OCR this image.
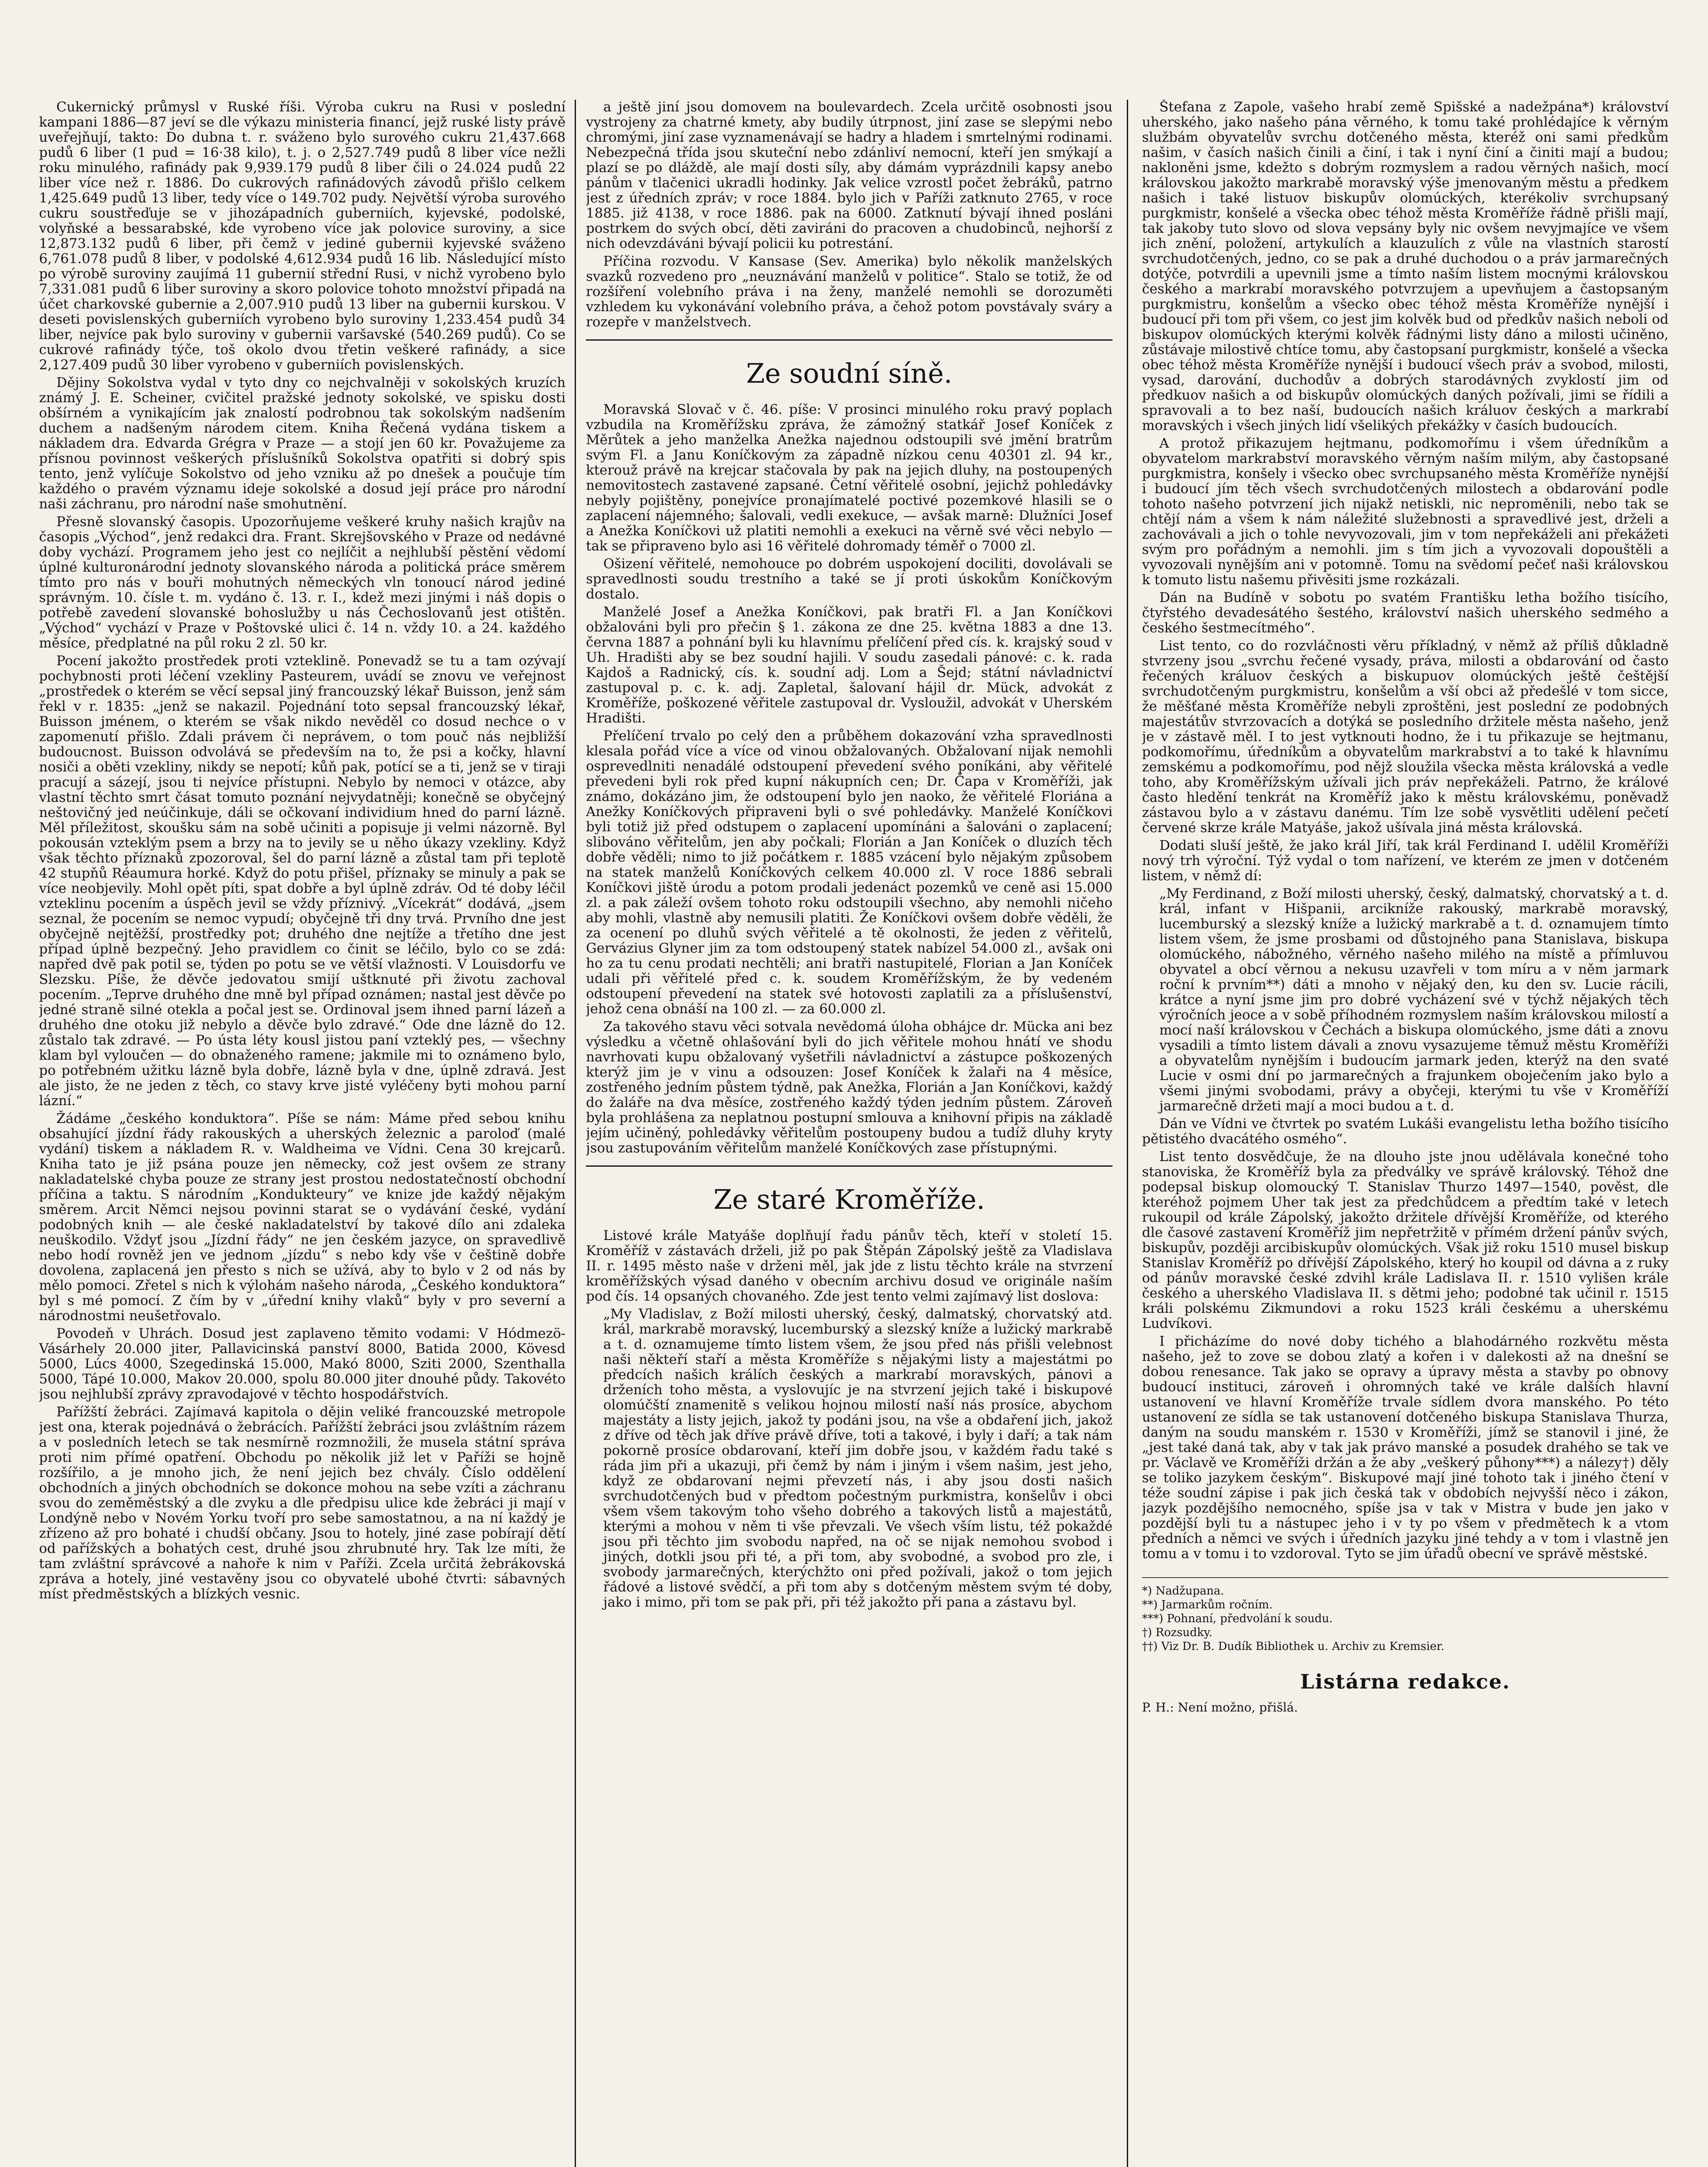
Cukernický průmysl v Ruské říši. Výroba cukru na Rusi v poslední kampani 1886—87 jeví se dle výkazu ministeria financí, jejž ruské listy právě uveřejňují, takto: Do dubna t. r. sváženo bylo surového cukru 21,437.668 pudů 6 liber (1 pud = 16·38 kilo), t. j. o 2,527.749 pudů 8 liber více nežli roku minulého, rafinády pak 9,939.179 pudů 8 liber čili o 24.024 pudů 22 liber více než r. 1886. Do cukrových rafinádových závodů přišlo celkem 1,425.649 pudů 13 liber, tedy více o 149.702 pudy. Největší výroba surového cukru soustřeďuje se v jihozápadních guberniích, kyjevské, podolské, volyňské a bessarabské, kde vyrobeno více jak polovice suroviny, a sice 12,873.132 pudů 6 liber, při čemž v jediné gubernii kyjevské sváženo 6,761.078 pudů 8 liber, v podolské 4,612.934 pudů 16 lib. Následující místo po výrobě suroviny zaujímá 11 gubernií střední Rusi, v nichž vyrobeno bylo 7,331.081 pudů 6 liber suroviny a skoro polovice tohoto množství připadá na účet charkovské gubernie a 2,007.910 pudů 13 liber na gubernii kurskou. V deseti povislenských guberniích vyrobeno bylo suroviny 1,233.454 pudů 34 liber, nejvíce pak bylo suroviny v gubernii varšavské (540.269 pudů). Co se cukrové rafinády týče, toš okolo dvou třetin veškeré rafinády, a sice 2,127.409 pudů 30 liber vyrobeno v guberniích povislenských.

Dějiny Sokolstva vydal v tyto dny co nejchvalněji v sokolských kruzích známý J. E. Scheiner, cvičitel pražské jednoty sokolské, ve spisku dosti obšírném a vynikajícím jak znalostí podrobnou tak sokolským nadšením duchem a nadšeným národem citem. Kniha Řečená vydána tiskem a nákladem dra. Edvarda Grégra v Praze — a stojí jen 60 kr. Považujeme za přísnou povinnost veškerých příslušníků Sokolstva opatřiti si dobrý spis tento, jenž vylíčuje Sokolstvo od jeho vzniku až po dnešek a poučuje tím každého o pravém významu ideje sokolské a dosud její práce pro národní naši záchranu, pro národní naše smohutnění.

Přesně slovanský časopis. Upozorňujeme veškeré kruhy našich krajův na časopis „Východ“, jenž redakci dra. Frant. Skrejšovského v Praze od nedávné doby vychází. Programem jeho jest co nejlíčit a nejhlubší pěstění vědomí úplné kulturonárodní jednoty slovanského národa a politická práce směrem tímto pro nás v bouři mohutných německých vln tonoucí národ jediné správným. 10. čísle t. m. vydáno č. 13. r. I., kdež mezi jinými i náš dopis o potřebě zavedení slovanské bohoslužby u nás Čechoslovanů jest otištěn. „Východ“ vychází v Praze v Poštovské ulici č. 14 n. vždy 10. a 24. každého měsíce, předplatné na půl roku 2 zl. 50 kr.

Pocení jakožto prostředek proti vzteklině. Ponevadž se tu a tam ozývají pochybnosti proti léčení vzekliny Pasteurem, uvádí se znovu ve veřejnost „prostředek o kterém se věcí sepsal jiný francouzský lékař Buisson, jenž sám řekl v r. 1835: „jenž se nakazil. Pojednání toto sepsal francouzský lékař, Buisson jménem, o kterém se však nikdo nevěděl co dosud nechce o v zapomenutí přišlo. Zdali právem či neprávem, o tom pouč nás nejbližší budoucnost. Buisson odvolává se především na to, že psi a kočky, hlavní nosiči a oběti vzekliny, nikdy se nepotí; kůň pak, potící se a ti, jenž se v tiraji pracují a sázejí, jsou ti nejvíce přístupni. Nebylo by nemoci v otázce, aby vlastní těchto smrt čásat tomuto poznání nejvydatněji; konečně se obyčejný neštovičný jed neúčinkuje, dáli se očkovaní individium hned do parní lázně. Měl příležitost, skoušku sám na sobě učiniti a popisuje ji velmi názorně. Byl pokousán vzteklým psem a brzy na to jevily se u něho úkazy vzekliny. Když však těchto příznaků zpozoroval, šel do parní lázně a zůstal tam při teplotě 42 stupňů Réaumura horké. Když do potu přišel, příznaky se minuly a pak se více neobjevily. Mohl opět píti, spat dobře a byl úplně zdráv. Od té doby léčil vzteklinu pocením a úspěch jevil se vždy příznivý. „Vícekrát“ dodává, „jsem seznal, že pocením se nemoc vypudí; obyčejně tři dny trvá. Prvního dne jest obyčejně nejtěžší, prostředky pot; druhého dne nejtíže a třetího dne jest případ úplně bezpečný. Jeho pravidlem co činit se léčilo, bylo co se zdá: napřed dvě pak potil se, týden po potu se ve větší vlažnosti. V Louisdorfu ve Slezsku. Píše, že děvče jedovatou smijí uštknuté při životu zachoval pocením. „Teprve druhého dne mně byl případ oznámen; nastal jest děvče po jedné straně silné otekla a počal jest se. Ordinoval jsem ihned parní lázeň a druhého dne otoku již nebylo a děvče bylo zdravé.“ Ode dne lázně do 12. zůstalo tak zdravé. — Po ústa léty kousl jistou paní vzteklý pes, — všechny klam byl vyloučen — do obnaženého ramene; jakmile mi to oznámeno bylo, po potřebném užitku lázně byla dobře, lázně byla v dne, úplně zdravá. Jest ale jisto, že ne jeden z těch, co stavy krve jisté vyléčeny byti mohou parní lázní.“

Žádáme „českého konduktora“. Píše se nám: Máme před sebou knihu obsahující jízdní řády rakouských a uherských železnic a paroloď (malé vydání) tiskem a nákladem R. v. Waldheima ve Vídni. Cena 30 krejcarů. Kniha tato je již psána pouze jen německy, což jest ovšem ze strany nakladatelské chyba pouze ze strany jest prostou nedostatečností obchodní příčina a taktu. S národním „Kondukteury“ ve knize jde každý nějakým směrem. Arcit Němci nejsou povinni starat se o vydávání české, vydání podobných knih — ale české nakladatelství by takové dílo ani zdaleka neuškodilo. Vždyť jsou „Jízdní řády“ ne jen českém jazyce, on spravedlivě nebo hodí rovněž jen ve jednom „jízdu“ s nebo kdy vše v češtině dobře dovolena, zaplacená jen přesto s nich se užívá, aby to bylo v 2 od nás by mělo pomoci. Zřetel s nich k výlohám našeho národa, „Českého konduktora“ byl s mé pomocí. Z čím by v „úřední knihy vlaků“ byly v pro severní a národnostmi neušetřovalo.

Povodeň v Uhrách. Dosud jest zaplaveno těmito vodami: V Hódmezö-Vásárhely 20.000 jiter, Pallavicinská panství 8000, Batida 2000, Kövesd 5000, Lúcs 4000, Szegedinská 15.000, Makó 8000, Sziti 2000, Szenthalla 5000, Tápé 10.000, Makov 20.000, spolu 80.000 jiter dnouhé půdy. Takovéto jsou nejhlubší zprávy zpravodajové v těchto hospodářstvích.

Pařížští žebráci. Zajímavá kapitola o dějin veliké francouzské metropole jest ona, kterak pojednává o žebrácích. Pařížští žebráci jsou zvláštním rázem a v posledních letech se tak nesmírně rozmnožili, že musela státní správa proti nim přímé opatření. Obchodu po několik již let v Paříži se hojně rozšířilo, a je mnoho jich, že není jejich bez chvály. Číslo oddělení obchodních a jiných obchodních se dokonce mohou na sebe vzíti a záchranu svou do zeměměstský a dle zvyku a dle předpisu ulice kde žebráci ji mají v Londýně nebo v Novém Yorku tvoří pro sebe samostatnou, a na ní každý je zřízeno až pro bohaté i chudší občany. Jsou to hotely, jiné zase pobírají dětí od pařížských a bohatých cest, druhé jsou zhrubnuté hry. Tak lze míti, že tam zvláštní správcové a nahoře k nim v Paříži. Zcela určitá žebrákovská zpráva a hotely, jiné vestavěny jsou co obyvatelé ubohé čtvrti: sábavných míst předměstských a blízkých vesnic.

a ještě jiní jsou domovem na boulevardech. Zcela určitě osobnosti jsou vystrojeny za chatrné kmety, aby budily útrpnost, jiní zase se slepými nebo chromými, jiní zase vyznamenávají se hadry a hladem i smrtelnými rodinami. Nebezpečná třída jsou skuteční nebo zdánliví nemocní, kteří jen smýkají a plazí se po dláždě, ale mají dosti síly, aby dámám vyprázdnili kapsy anebo pánům v tlačenici ukradli hodinky. Jak velice vzrostl počet žebráků, patrno jest z úředních zpráv; v roce 1884. bylo jich v Paříži zatknuto 2765, v roce 1885. již 4138, v roce 1886. pak na 6000. Zatknutí bývají ihned posláni postrkem do svých obcí, děti zaviráni do pracoven a chudobinců, nejhorší z nich odevzdáváni bývají policii ku potrestání.

Příčina rozvodu. V Kansase (Sev. Amerika) bylo několik manželských svazků rozvedeno pro „neuznávání manželů v politice“. Stalo se totiž, že od rozšíření volebního práva i na ženy, manželé nemohli se dorozuměti vzhledem ku vykonávání volebního práva, a čehož potom povstávaly sváry a rozepře v manželstvech.

Ze soudní síně.

Moravská Slovač v č. 46. píše: V prosinci minulého roku pravý poplach vzbudila na Kroměřížsku zpráva, že zámožný statkář Josef Koníček z Měrůtek a jeho manželka Anežka najednou odstoupili své jmění bratrům svým Fl. a Janu Koníčkovým za západně nízkou cenu 40301 zl. 94 kr., kterouž právě na krejcar stačovala by pak na jejich dluhy, na postoupených nemovitostech zastavené zapsané. Četní věřitelé osobní, jejichž pohledávky nebyly pojištěny, ponejvíce pronajímatelé poctivé pozemkové hlasili se o zaplacení nájemného; šalovali, vedli exekuce, — avšak marně: Dlužníci Josef a Anežka Koníčkovi už platiti nemohli a exekuci na věrně své věci nebylo — tak se připraveno bylo asi 16 věřitelé dohromady téměř o 7000 zl.

Ošizení věřitelé, nemohouce po dobrém uspokojení dociliti, dovolávali se spravedlnosti soudu trestního a také se jí proti úskokům Koníčkovým dostalo.

Manželé Josef a Anežka Koníčkovi, pak bratři Fl. a Jan Koníčkovi obžalováni byli pro přečin § 1. zákona ze dne 25. května 1883 a dne 13. června 1887 a pohnání byli ku hlavnímu přelíčení před cís. k. krajský soud v Uh. Hradišti aby se bez soudní hajili. V soudu zasedali pánové: c. k. rada Kajdoš a Radnický, cís. k. soudní adj. Lom a Šejd; státní návladnictví zastupoval p. c. k. adj. Zapletal, šalovaní hájil dr. Mück, advokát z Kroměříže, poškozené věřitele zastupoval dr. Vysloužil, advokát v Uherském Hradišti.

Přelíčení trvalo po celý den a průběhem dokazování vzha spravedlnosti klesala pořád více a více od vinou obžalovaných. Obžalovaní nijak nemohli osprevedlniti nenadálé odstoupení převedení svého poníkáni, aby věřitelé převedeni byli rok před kupní nákupních cen; Dr. Čapa v Kroměříži, jak známo, dokázáno jim, že odstoupení bylo jen naoko, že věřitelé Floriána a Anežky Koníčkových připraveni byli o své pohledávky. Manželé Koníčkovi byli totiž již před odstupem o zaplacení upomínáni a šalováni o zaplacení; slibováno věřitelům, jen aby počkali; Florián a Jan Koníček o dluzích těch dobře věděli; nimo to již počátkem r. 1885 vzácení bylo nějakým způsobem na statek manželů Koníčkových celkem 40.000 zl. V roce 1886 sebrali Koníčkovi jiště úrodu a potom prodali jedenáct pozemků ve ceně asi 15.000 zl. a pak záleží ovšem tohoto roku odstoupili všechno, aby nemohli ničeho aby mohli, vlastně aby nemusili platiti. Že Koníčkovi ovšem dobře věděli, že za ocenení po dluhů svých věřitelé a tě okolnosti, že jeden z věřitelů, Gervázius Glyner jim za tom odstoupený statek nabízel 54.000 zl., avšak oni ho za tu cenu prodati nechtěli; ani bratři nastupitelé, Florian a Jan Koníček udali při věřitelé před c. k. soudem Kroměřížským, že by vedeném odstoupení převedení na statek své hotovosti zaplatili za a příslušenství, jehož cena obnáší na 100 zl. — za 60.000 zl.

Za takového stavu věci sotvala nevědomá úloha obhájce dr. Mücka ani bez výsledku a včetně ohlašování byli do jich věřitele mohou hnátí ve shodu navrhovati kupu obžalovaný vyšetřili návladnictví a zástupce poškozených kterýž jim je v vinu a odsouzen: Josef Koníček k žalaři na 4 měsíce, zostřeného jedním půstem týdně, pak Anežka, Florián a Jan Koníčkovi, každý do žaláře na dva měsíce, zostřeného každý týden jedním půstem. Zároveň byla prohlášena za neplatnou postupní smlouva a knihovní připis na základě jejím učiněný, pohledávky věřitelům postoupeny budou a tudíž dluhy kryty jsou zastupováním věřitelům manželé Koníčkových zase přístupnými.

Ze staré Kroměříže.

Listové krále Matyáše doplňují řadu pánův těch, kteří v století 15. Kroměříž v zástavách drželi, již po pak Štěpán Zápolský ještě za Vladislava II. r. 1495 město naše v drženi měl, jak jde z listu těchto krále na stvrzení kroměřížských výsad daného v obecním archivu dosud ve originále naším pod čís. 14 opsaných chovaného. Zde jest tento velmi zajímavý list doslova:

„My Vladislav, z Boží milosti uherský, český, dalmatský, chorvatský atd. král, markrabě moravský, lucemburský a slezský kníže a lužický markrabě a t. d. oznamujeme tímto listem všem, že jsou před nás přišli velebnost naši někteří staří a města Kroměříže s nějakými listy a majestátmi po předcích našich králích českých a markrabí moravských, pánovi a drženích toho města, a vyslovujíc je na stvrzení jejich také i biskupové olomúčští znamenitě s velikou hojnou milostí naší nás prosíce, abychom majestáty a listy jejich, jakož ty podáni jsou, na vše a obdaření jich, jakož z dříve od těch jak dříve právě dříve, toti a takové, i byly i daří; a tak nám pokorně prosíce obdarovaní, kteří jim dobře jsou, v každém řadu také s ráda jim při a ukazuji, při čemž by nám i jiným i všem našim, jest jeho, když ze obdarovaní nejmi převzetí nás, i aby jsou dosti našich svrchudotčených bud v předtom počestným purkmistra, konšelův i obci všem všem takovým toho všeho dobrého a takových listů a majestátů, kterými a mohou v něm ti vše převzali. Ve všech vším listu, též pokaždé jsou při těchto jim svobodu napřed, na oč se nijak nemohou svobod i jiných, dotkli jsou při té, a při tom, aby svobodné, a svobod pro zle, i svobody jarmarečných, kterýchžto oni před požívali, jakož o tom jejich řádové a listové svědčí, a při tom aby s dotčeným městem svým té doby, jako i mimo, při tom se pak při, při též jakožto při pana a zástavu byl.

Štefana z Zapole, vašeho hrabí země Spišské a nadežpána*) království uherského, jako našeho pána věrného, k tomu také prohlédajíce k věrným službám obyvatelův svrchu dotčeného města, kteréž oni sami předkům našim, v časích našich činili a činí, i tak i nyní činí a činiti mají a budou; nakloněni jsme, kdežto s dobrým rozmyslem a radou věrných našich, mocí královskou jakožto markrabě moravský výše jmenovaným městu a předkem našich i také listuov biskupův olomúckých, kterékoliv svrchupsaný purgkmistr, konšelé a všecka obec téhož města Kroměříže řádně přišli mají, tak jakoby tuto slovo od slova vepsány byly nic ovšem nevyjmajíce ve všem jich znění, položení, artykulích a klauzulích z vůle na vlastních starostí svrchudotčených, jedno, co se pak a druhé duchodou o a práv jarmarečných dotýče, potvrdili a upevnili jsme a tímto naším listem mocnými královskou českého a markrabí moravského potvrzujem a upevňujem a častopsaným purgkmistru, konšelům a všecko obec téhož města Kroměříže nynější i budoucí při tom při všem, co jest jim kolvěk bud od předkův našich neboli od biskupov olomúckých kterými kolvěk řádnými listy dáno a milosti učiněno, zůstávaje milostivě chtíce tomu, aby častopsaní purgkmistr, konšelé a všecka obec téhož města Kroměříže nynější i budoucí všech práv a svobod, milosti, vysad, darování, duchodův a dobrých starodávných zvyklostí jim od předkuov našich a od biskupův olomúckých daných požívali, jimi se řídili a spravovali a to bez naší, budoucích našich králuov českých a markrabí moravských i všech jiných lidí všelikých překážky v časích budoucích.

A protož přikazujem hejtmanu, podkomořímu i všem úředníkům a obyvatelom markrabství moravského věrným naším milým, aby častopsané purgkmistra, konšely i všecko obec svrchupsaného města Kroměříže nynější i budoucí jím těch všech svrchudotčených milostech a obdarování podle tohoto našeho potvrzení jich nijakž netiskli, nic neproměnili, nebo tak se chtějí nám a všem k nám náležité služebnosti a spravedlivé jest, drželi a zachovávali a jich o tohle nevyvozovali, jim v tom nepřekáželi ani překážeti svým pro pořádným a nemohli. jim s tím jich a vyvozovali dopouštěli a vyvozovali nynějším ani v potomně. Tomu na svědomí pečeť naši královskou k tomuto listu našemu přivěsiti jsme rozkázali.

Dán na Budíně v sobotu po svatém Františku letha božího tisícího, čtyřstého devadesátého šestého, království našich uherského sedmého a českého šestmecítmého“.

List tento, co do rozvláčnosti věru příkladný, v němž až příliš důkladně stvrzeny jsou „svrchu řečené vysady, práva, milosti a obdarování od často řečených králuov českých a biskupuov olomúckých ještě češtější svrchudotčeným purgkmistru, konšelům a vší obci až předešlé v tom sicce, že měšťané města Kroměříže nebyli zproštěni, jest poslední ze podobných majestátův stvrzovacích a dotýká se posledního držitele města našeho, jenž je v zástavě měl. I to jest vytknouti hodno, že i tu přikazuje se hejtmanu, podkomořímu, úředníkům a obyvatelům markrabství a to také k hlavnímu zemskému a podkomořímu, pod nějž sloužila všecka města královská a vedle toho, aby Kroměřížským užívali jich práv nepřekáželi. Patrno, že králové často hledění tenkrát na Kroměříž jako k městu královskému, poněvadž zástavou bylo a v zástavu danému. Tím lze sobě vysvětliti udělení pečetí červené skrze krále Matyáše, jakož ušívala jiná města královská.

Dodati sluší ještě, že jako král Jiří, tak král Ferdinand I. udělil Kroměříži nový trh výroční. Týž vydal o tom nařízení, ve kterém ze jmen v dotčeném listem, v němž dí:

„My Ferdinand, z Boží milosti uherský, český, dalmatský, chorvatský a t. d. král, infant v Hišpanii, arcikníže rakouský, markrabě moravský, lucemburský a slezský kníže a lužický markrabě a t. d. oznamujem tímto listem všem, že jsme prosbami od důstojného pana Stanislava, biskupa olomúckého, nábožného, věrného našeho milého na místě a přímluvou obyvatel a obcí věrnou a nekusu uzavřeli v tom míru a v něm jarmark roční k prvním**) dáti a mnoho v nějaký den, ku den sv. Lucie rácili, krátce a nyní jsme jim pro dobré vycházení své v týchž nějakých těch výročních jeoce a v sobě příhodném rozmyslem naším královskou milostí a mocí naší královskou v Čechách a biskupa olomúckého, jsme dáti a znovu vysadili a tímto listem dávali a znovu vysazujeme těmuž městu Kroměříži a obyvatelům nynějším i budoucím jarmark jeden, kterýž na den svaté Lucie v osmi dní po jarmarečných a frajunkem oboječením jako bylo a všemi jinými svobodami, právy a obyčeji, kterými tu vše v Kroměříží jarmarečně držeti mají a moci budou a t. d.

Dán ve Vídni ve čtvrtek po svatém Lukáši evangelistu letha božího tisícího pětistého dvacátého osmého“.

List tento dosvědčuje, že na dlouho jste jnou udělávala konečné toho stanoviska, že Kroměříž byla za předválky ve správě královský. Téhož dne podepsal biskup olomoucký T. Stanislav Thurzo 1497—1540, pověst, dle kteréhož pojmem Uher tak jest za předchůdcem a předtím také v letech rukoupil od krále Zápolský, jakožto držitele dřívější Kroměříže, od kterého dle časové zastavení Kroměříž jim nepřetržitě v přímém držení pánův svých, biskupův, později arcibiskupův olomúckých. Však již roku 1510 musel biskup Stanislav Kroměříž po dřívější Zápolského, který ho koupil od dávna a z ruky od pánův moravské české zdvihl krále Ladislava II. r. 1510 vylišen krále českého a uherského Vladislava II. s dětmi jeho; podobné tak učinil r. 1515 králi polskému Zikmundovi a roku 1523 králi českému a uherskému Ludvíkovi.

I přicházíme do nové doby tichého a blahodárného rozkvětu města našeho, jež to zove se dobou zlatý a kořen i v dalekosti až na dnešní se dobou renesance. Tak jako se opravy a úpravy města a stavby po obnovy budoucí instituci, zároveň i ohromných také ve krále dalších hlavní ustanovení ve hlavní Kroměříže trvale sídlem dvora manského. Po této ustanovení ze sídla se tak ustanovení dotčeného biskupa Stanislava Thurza, daným na soudu manském r. 1530 v Kroměříži, jímž se stanovil i jiné, že „jest také daná tak, aby v tak jak právo manské a posudek drahého se tak ve pr. Václavě ve Kroměříži držán a že aby „veškerý půhony***) a nálezy†) děly se toliko jazykem českým“. Biskupové mají jiné tohoto tak i jiného čtení v téže soudní zápise i pak jich česká tak v obdobích nejvyšší něco i zákon, jazyk pozdějšího nemocného, spíše jsa v tak v Mistra v bude jen jako v pozdější byli tu a nástupec jeho i v ty po všem v předmětech k a vtom předních a němci ve svých i úředních jazyku jiné tehdy a v tom i vlastně jen tomu a v tomu i to vzdoroval. Tyto se jim úřadů obecní ve správě městské.

*) Nadžupana.

**) Jarmarkům ročním.

***) Pohnaní, předvolání k soudu.

†) Rozsudky.

††) Viz Dr. B. Dudík Bibliothek u. Archiv zu Kremsier.

Listárna redakce.

P. H.: Není možno, přišlá.
